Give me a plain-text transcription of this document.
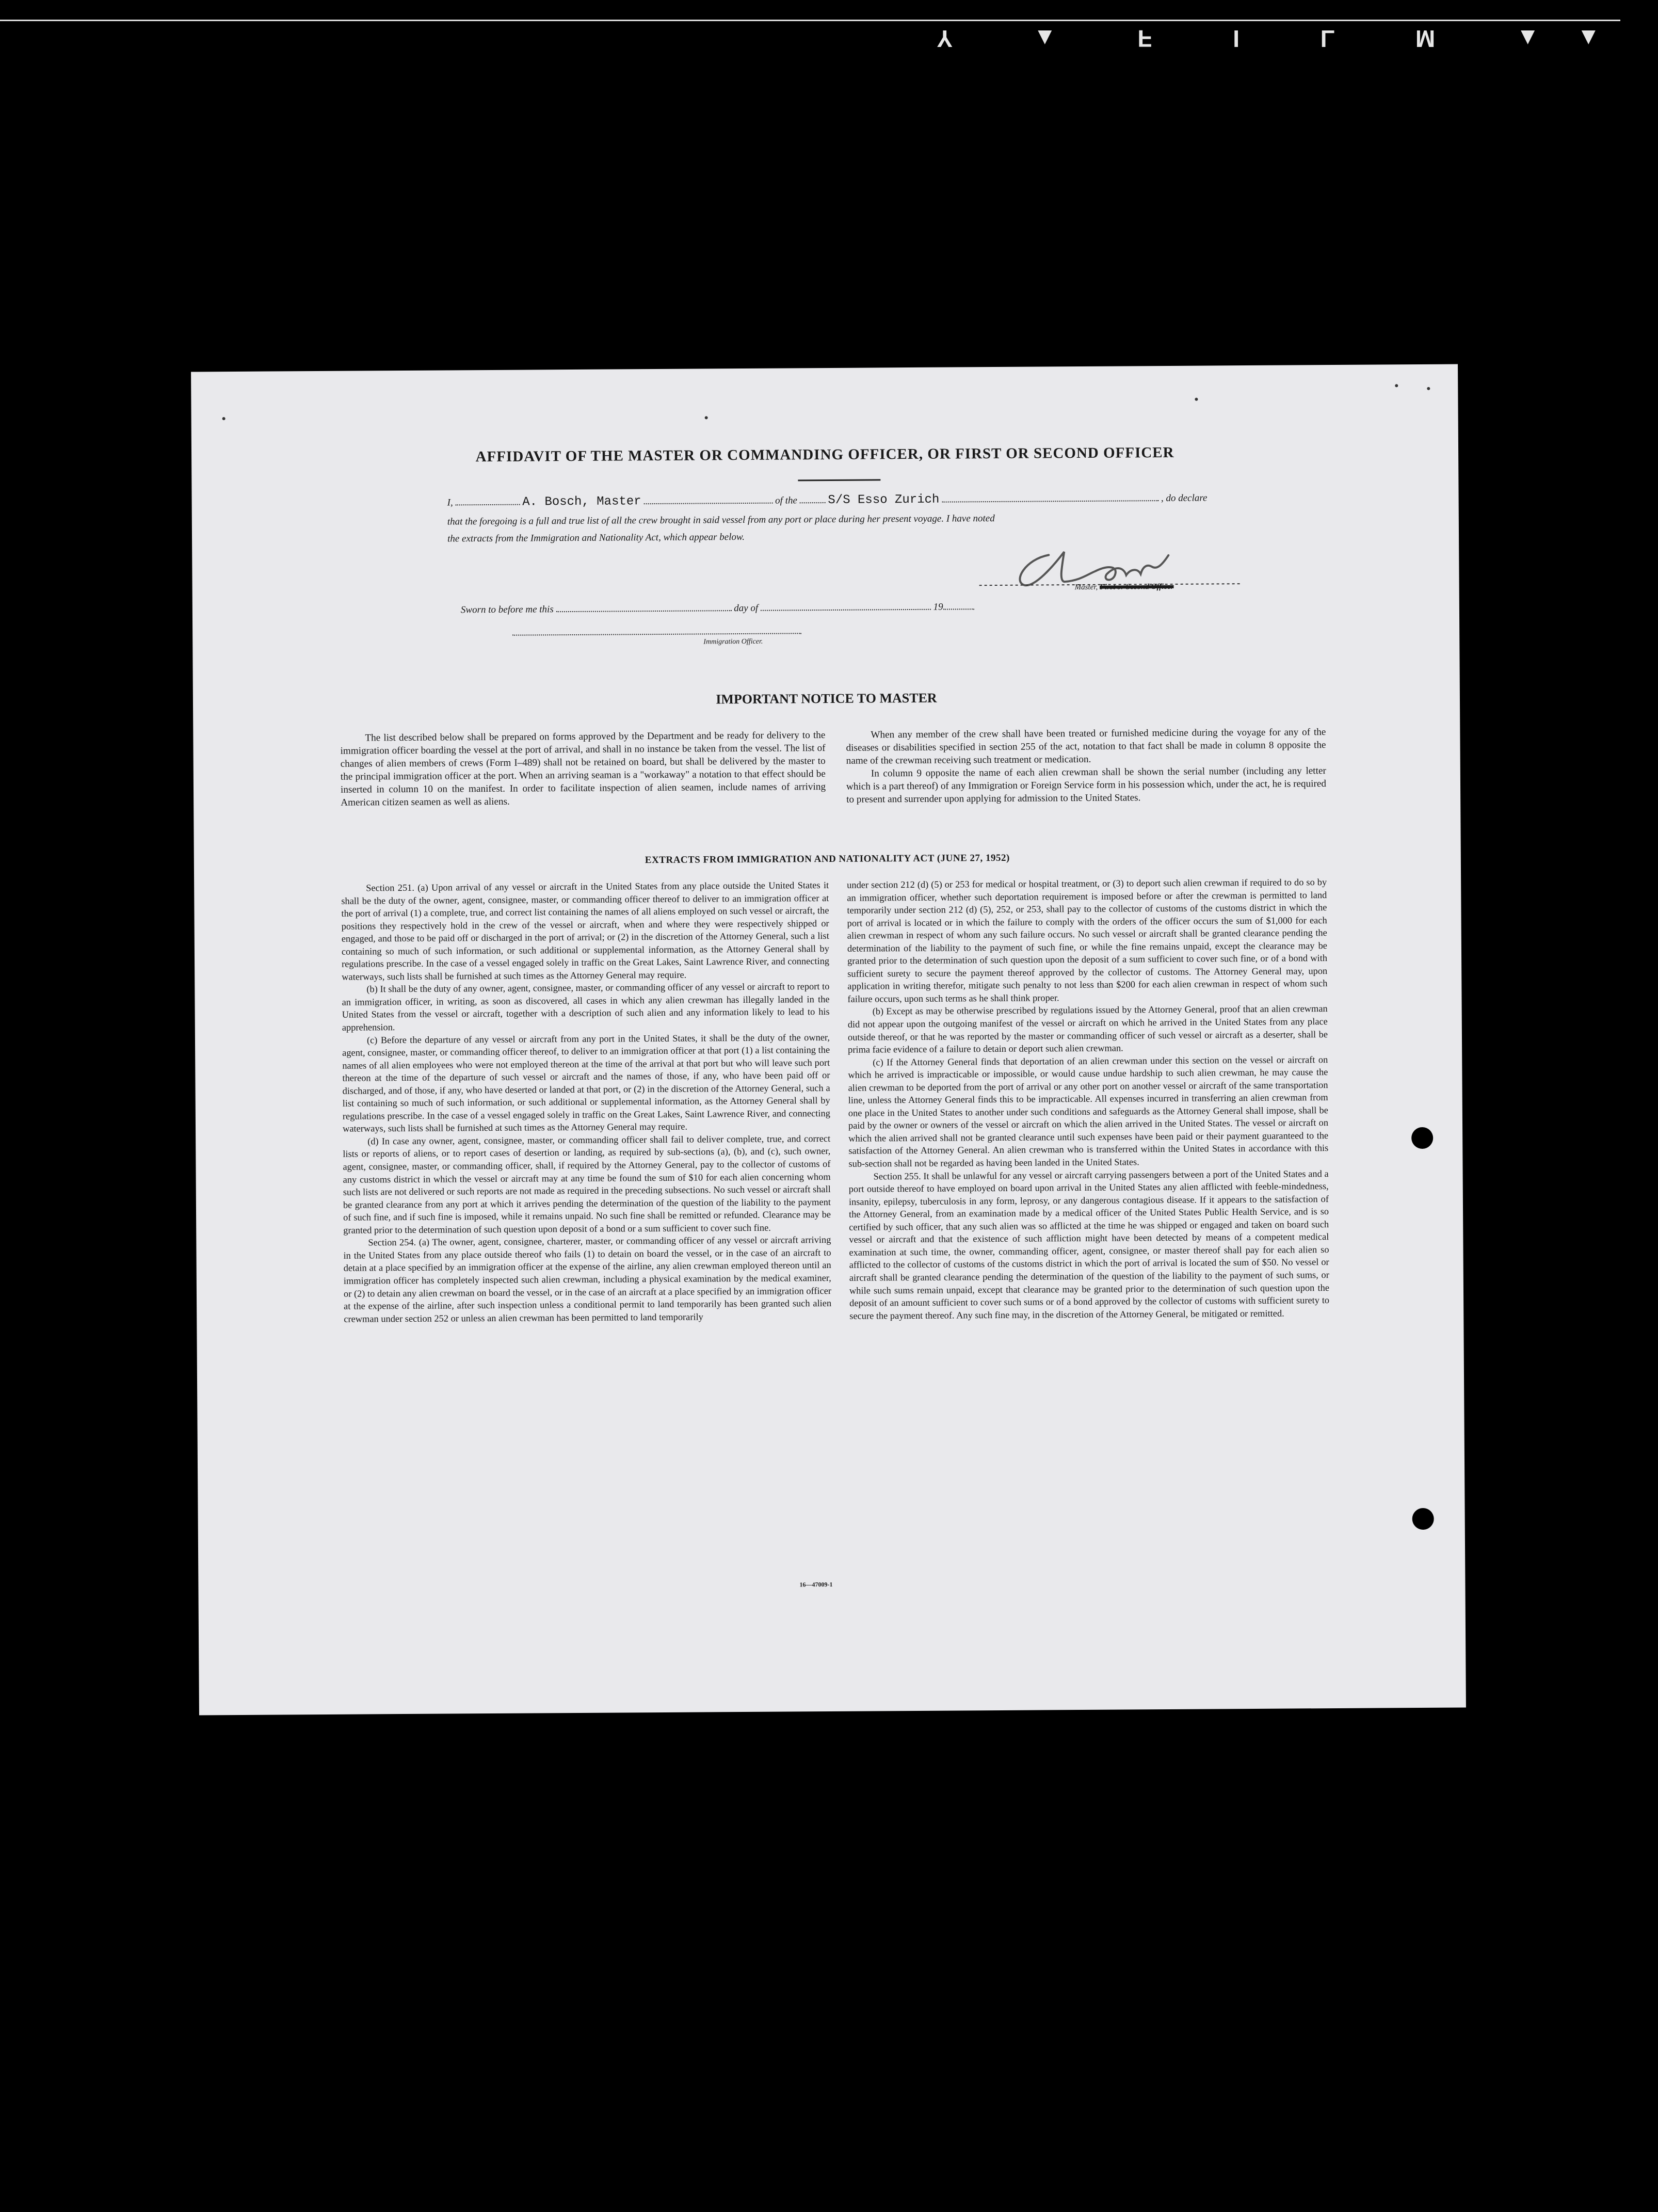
Y ▲ F I L M ▲▲
AFFIDAVIT OF THE MASTER OR COMMANDING OFFICER, OR FIRST OR SECOND OFFICER
I,	A. Bosch, Master	of the S/S Esso Zurich	, do declare
that the foregoing is a full and true list of all the crew brought in said vessel from any port or place during her present voyage. I have noted
the extracts from the Immigration and Nationality Act, which appear below.
Master, First or Second Officer
Sworn to before me this	day of	19
Immigration Officer.
IMPORTANT NOTICE TO MASTER

The list described below shall be prepared on forms approved by the Department and be ready for delivery to the immigration officer boarding the vessel at the port of arrival, and shall in no instance be taken from the vessel. The list of changes of alien members of crews (Form I–489) shall not be retained on board, but shall be delivered by the master to the principal immigration officer at the port. When an arriving seaman is a "workaway" a notation to that effect should be inserted in column 10 on the manifest. In order to facilitate inspection of alien seamen, include names of arriving American citizen seamen as well as aliens.

When any member of the crew shall have been treated or furnished medicine during the voyage for any of the diseases or disabilities specified in section 255 of the act, notation to that fact shall be made in column 8 opposite the name of the crewman receiving such treatment or medication.

In column 9 opposite the name of each alien crewman shall be shown the serial number (including any letter which is a part thereof) of any Immigration or Foreign Service form in his possession which, under the act, he is required to present and surrender upon applying for admission to the United States.

EXTRACTS FROM IMMIGRATION AND NATIONALITY ACT (JUNE 27, 1952)

Section 251. (a) Upon arrival of any vessel or aircraft in the United States from any place outside the United States it shall be the duty of the owner, agent, consignee, master, or commanding officer thereof to deliver to an immigration officer at the port of arrival (1) a complete, true, and correct list containing the names of all aliens employed on such vessel or aircraft, the positions they respectively hold in the crew of the vessel or aircraft, when and where they were respectively shipped or engaged, and those to be paid off or discharged in the port of arrival; or (2) in the discretion of the Attorney General, such a list containing so much of such information, or such additional or supplemental information, as the Attorney General shall by regulations prescribe. In the case of a vessel engaged solely in traffic on the Great Lakes, Saint Lawrence River, and connecting waterways, such lists shall be furnished at such times as the Attorney General may require.

(b) It shall be the duty of any owner, agent, consignee, master, or commanding officer of any vessel or aircraft to report to an immigration officer, in writing, as soon as discovered, all cases in which any alien crewman has illegally landed in the United States from the vessel or aircraft, together with a description of such alien and any information likely to lead to his apprehension.

(c) Before the departure of any vessel or aircraft from any port in the United States, it shall be the duty of the owner, agent, consignee, master, or commanding officer thereof, to deliver to an immigration officer at that port (1) a list containing the names of all alien employees who were not employed thereon at the time of the arrival at that port but who will leave such port thereon at the time of the departure of such vessel or aircraft and the names of those, if any, who have been paid off or discharged, and of those, if any, who have deserted or landed at that port, or (2) in the discretion of the Attorney General, such a list containing so much of such information, or such additional or supplemental information, as the Attorney General shall by regulations prescribe. In the case of a vessel engaged solely in traffic on the Great Lakes, Saint Lawrence River, and connecting waterways, such lists shall be furnished at such times as the Attorney General may require.

(d) In case any owner, agent, consignee, master, or commanding officer shall fail to deliver complete, true, and correct lists or reports of aliens, or to report cases of desertion or landing, as required by sub-sections (a), (b), and (c), such owner, agent, consignee, master, or commanding officer, shall, if required by the Attorney General, pay to the collector of customs of any customs district in which the vessel or aircraft may at any time be found the sum of $10 for each alien concerning whom such lists are not delivered or such reports are not made as required in the preceding subsections. No such vessel or aircraft shall be granted clearance from any port at which it arrives pending the determination of the question of the liability to the payment of such fine, and if such fine is imposed, while it remains unpaid. No such fine shall be remitted or refunded. Clearance may be granted prior to the determination of such question upon deposit of a bond or a sum sufficient to cover such fine.

Section 254. (a) The owner, agent, consignee, charterer, master, or commanding officer of any vessel or aircraft arriving in the United States from any place outside thereof who fails (1) to detain on board the vessel, or in the case of an aircraft to detain at a place specified by an immigration officer at the expense of the airline, any alien crewman employed thereon until an immigration officer has completely inspected such alien crewman, including a physical examination by the medical examiner, or (2) to detain any alien crewman on board the vessel, or in the case of an aircraft at a place specified by an immigration officer at the expense of the airline, after such inspection unless a conditional permit to land temporarily has been granted such alien crewman under section 252 or unless an alien crewman has been permitted to land temporarily

under section 212 (d) (5) or 253 for medical or hospital treatment, or (3) to deport such alien crewman if required to do so by an immigration officer, whether such deportation requirement is imposed before or after the crewman is permitted to land temporarily under section 212 (d) (5), 252, or 253, shall pay to the collector of customs of the customs district in which the port of arrival is located or in which the failure to comply with the orders of the officer occurs the sum of $1,000 for each alien crewman in respect of whom any such failure occurs. No such vessel or aircraft shall be granted clearance pending the determination of the liability to the payment of such fine, or while the fine remains unpaid, except the clearance may be granted prior to the determination of such question upon the deposit of a sum sufficient to cover such fine, or of a bond with sufficient surety to secure the payment thereof approved by the collector of customs. The Attorney General may, upon application in writing therefor, mitigate such penalty to not less than $200 for each alien crewman in respect of whom such failure occurs, upon such terms as he shall think proper.

(b) Except as may be otherwise prescribed by regulations issued by the Attorney General, proof that an alien crewman did not appear upon the outgoing manifest of the vessel or aircraft on which he arrived in the United States from any place outside thereof, or that he was reported by the master or commanding officer of such vessel or aircraft as a deserter, shall be prima facie evidence of a failure to detain or deport such alien crewman.

(c) If the Attorney General finds that deportation of an alien crewman under this section on the vessel or aircraft on which he arrived is impracticable or impossible, or would cause undue hardship to such alien crewman, he may cause the alien crewman to be deported from the port of arrival or any other port on another vessel or aircraft of the same transportation line, unless the Attorney General finds this to be impracticable. All expenses incurred in transferring an alien crewman from one place in the United States to another under such conditions and safeguards as the Attorney General shall impose, shall be paid by the owner or owners of the vessel or aircraft on which the alien arrived in the United States. The vessel or aircraft on which the alien arrived shall not be granted clearance until such expenses have been paid or their payment guaranteed to the satisfaction of the Attorney General. An alien crewman who is transferred within the United States in accordance with this sub-section shall not be regarded as having been landed in the United States.

Section 255. It shall be unlawful for any vessel or aircraft carrying passengers between a port of the United States and a port outside thereof to have employed on board upon arrival in the United States any alien afflicted with feeble-mindedness, insanity, epilepsy, tuberculosis in any form, leprosy, or any dangerous contagious disease. If it appears to the satisfaction of the Attorney General, from an examination made by a medical officer of the United States Public Health Service, and is so certified by such officer, that any such alien was so afflicted at the time he was shipped or engaged and taken on board such vessel or aircraft and that the existence of such affliction might have been detected by means of a competent medical examination at such time, the owner, commanding officer, agent, consignee, or master thereof shall pay for each alien so afflicted to the collector of customs of the customs district in which the port of arrival is located the sum of $50. No vessel or aircraft shall be granted clearance pending the determination of the question of the liability to the payment of such sums, or while such sums remain unpaid, except that clearance may be granted prior to the determination of such question upon the deposit of an amount sufficient to cover such sums or of a bond approved by the collector of customs with sufficient surety to secure the payment thereof. Any such fine may, in the discretion of the Attorney General, be mitigated or remitted.

16—47009-1
